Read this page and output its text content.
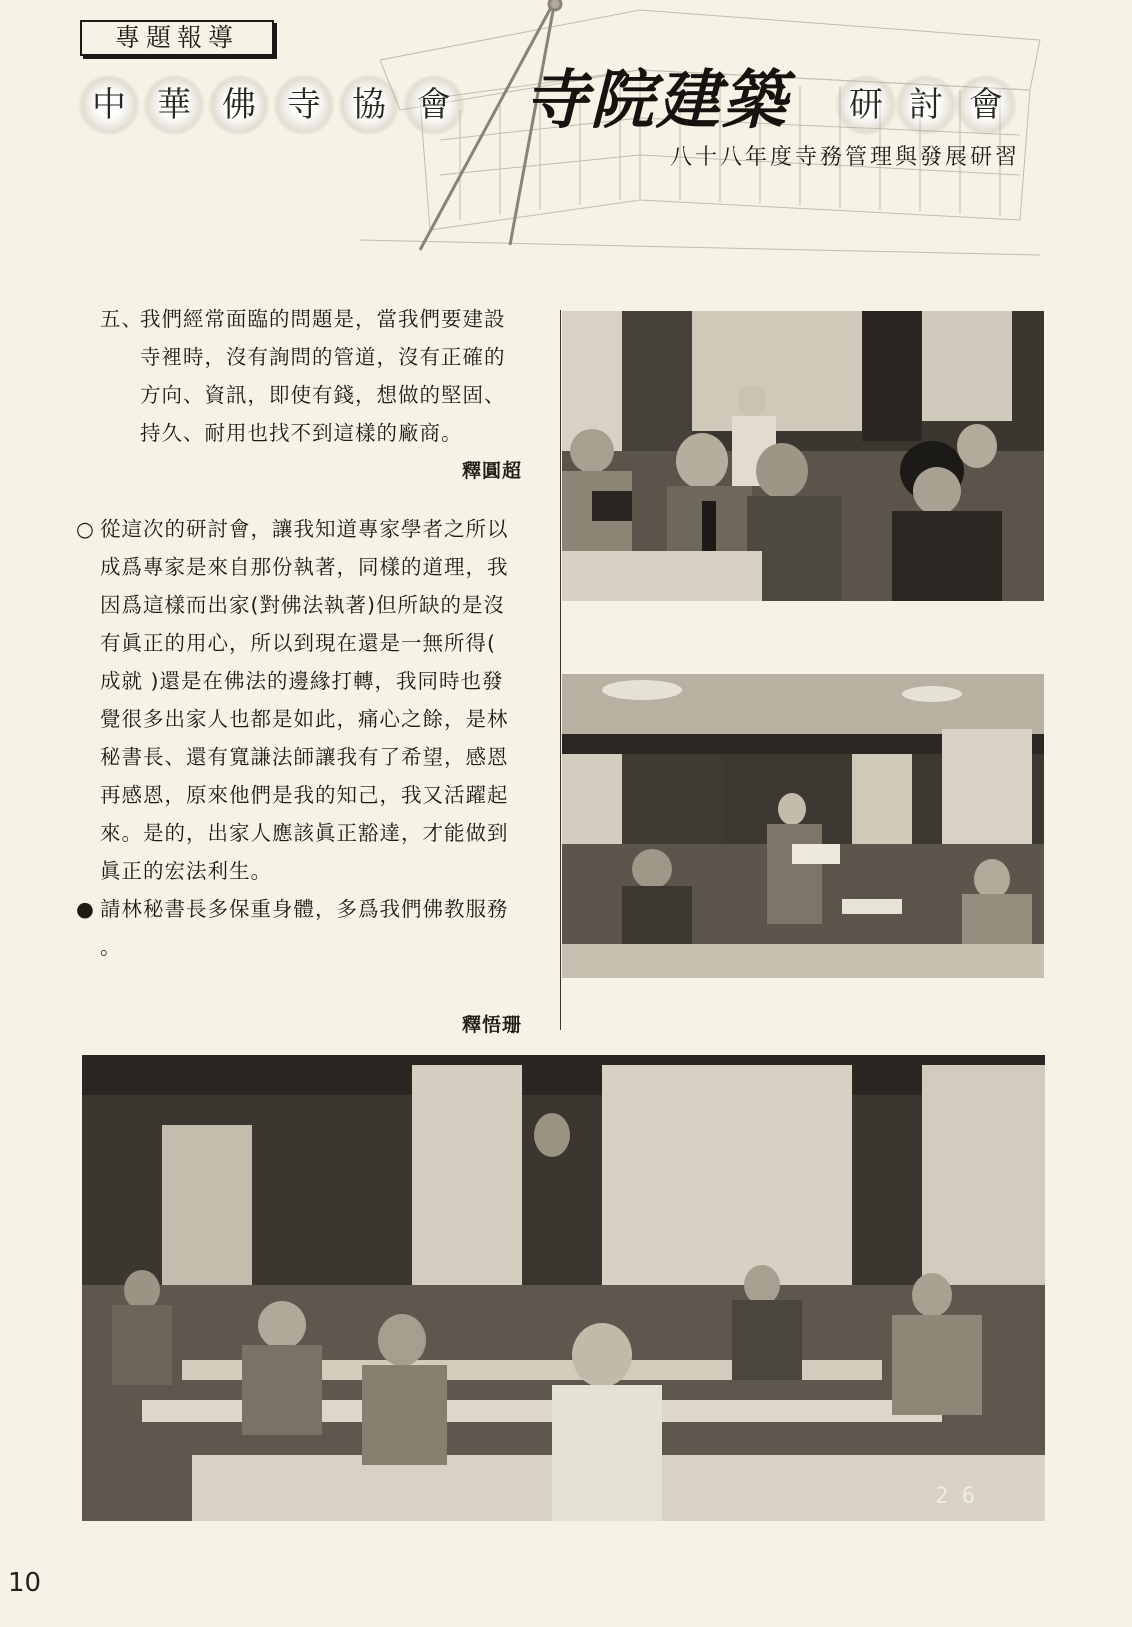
專題報導
中 華 佛 寺 協 會 寺院建築 研 討 會
八十八年度寺務管理與發展研習
五、我們經常面臨的問題是，當我們要建設
寺裡時，沒有詢問的管道，沒有正確的
方向、資訊，即使有錢，想做的堅固、
持久、耐用也找不到這樣的廠商。
釋圓超
○ 從這次的研討會，讓我知道專家學者之所以
成爲專家是來自那份執著，同樣的道理，我
因爲這樣而出家(對佛法執著)但所缺的是沒
有眞正的用心，所以到現在還是一無所得(
成就 )還是在佛法的邊緣打轉，我同時也發
覺很多出家人也都是如此，痛心之餘，是林
秘書長、還有寬謙法師讓我有了希望，感恩
再感恩，原來他們是我的知己，我又活躍起
來。是的，出家人應該眞正豁達，才能做到
眞正的宏法利生。
● 請林秘書長多保重身體，多爲我們佛教服務
。
釋悟珊
2 6
10
